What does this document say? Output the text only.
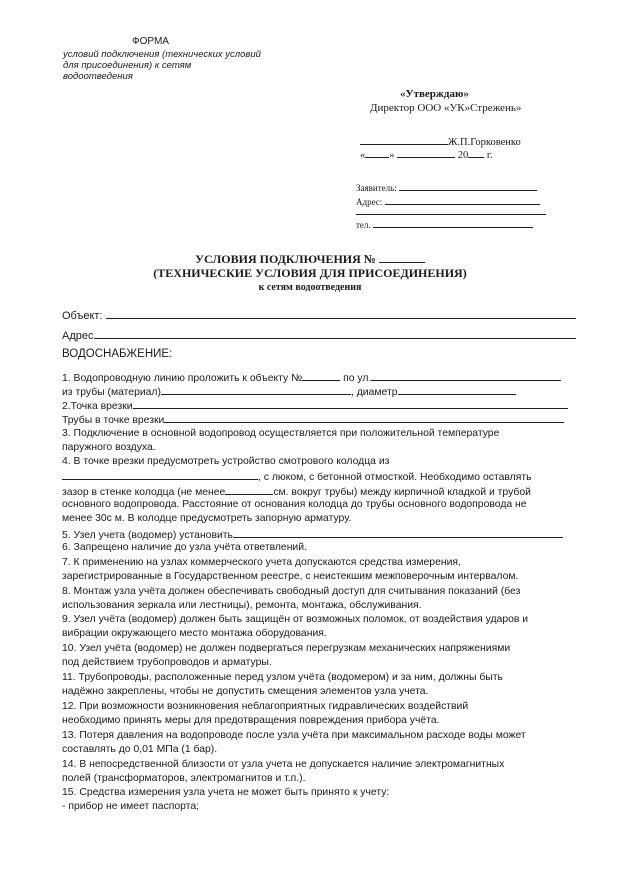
ФОРМА
условий подключения (технических условий
для присоединения) к сетям
водоотведения
«Утверждаю»
Директор ООО «УК»Стрежень»
Ж.П.Горковенко
« »	20 г.
Заявитель:
Адрес:
тел.
УСЛОВИЯ ПОДКЛЮЧЕНИЯ №
(ТЕХНИЧЕСКИЕ УСЛОВИЯ ДЛЯ ПРИСОЕДИНЕНИЯ)
к сетям водоотведения
Объект:
Адрес
ВОДОСНАБЖЕНИЕ:
1. Водопроводную линию проложить к объекту №	по ул.
из трубы (материал)	, диаметр
2.Точка врезки
Трубы в точке врезки
3. Подключение в основной водопровод осуществляется при положительной температуре
паружного воздуха.
4. В точке врезки предусмотреть устройство смотрового колодца из
, с люком, с бетонной отмосткой. Необходимо оставлять
зазор в стенке колодца (не менее	см. вокруг трубы) между кирпичной кладкой и трубой
основного водопровода. Расстояние от основания колодца до трубы основного водопровода не
менее 30с м. В колодце предусмотреть запорную арматуру.
5. Узел учета (водомер) установить
6. Запрещено наличие до узла учёта ответвлений.
7. К применению на узлах коммерческого учета допускаются средства измерения,
зарегистрированные в Государственном реестре, с неистекшим межповерочным интервалом.
8. Монтаж узла учёта должен обеспечивать свободный доступ для считывания показаний (без
использования зеркала или лестницы), ремонта, монтажа, обслуживания.
9. Узел учёта (водомер) должен быть защищён от возможных поломок, от воздействия ударов и
вибрации окружающего место монтажа оборудования.
10. Узел учёта (водомер) не должен подвергаться перегрузкам механических напряжениями
под действием трубопроводов и арматуры.
11. Трубопроводы, расположенные перед узлом учёта (водомером) и за ним, должны быть
надёжно закреплены, чтобы не допустить смещения элементов узла учета.
12. При возможности возникновения неблагоприятных гидравлических воздействий
необходимо принять меры для предотвращения повреждения прибора учёта.
13. Потеря давления на водопроводе после узла учёта при максимальном расходе воды может
составлять до 0,01 МПа (1 бар).
14. В непосредственной близости от узла учета не допускается наличие электромагнитных
полей (трансформаторов, электромагнитов и т.п.).
15. Средства измерения узла учета не может быть принято к учету:
- прибор не имеет паспорта;
